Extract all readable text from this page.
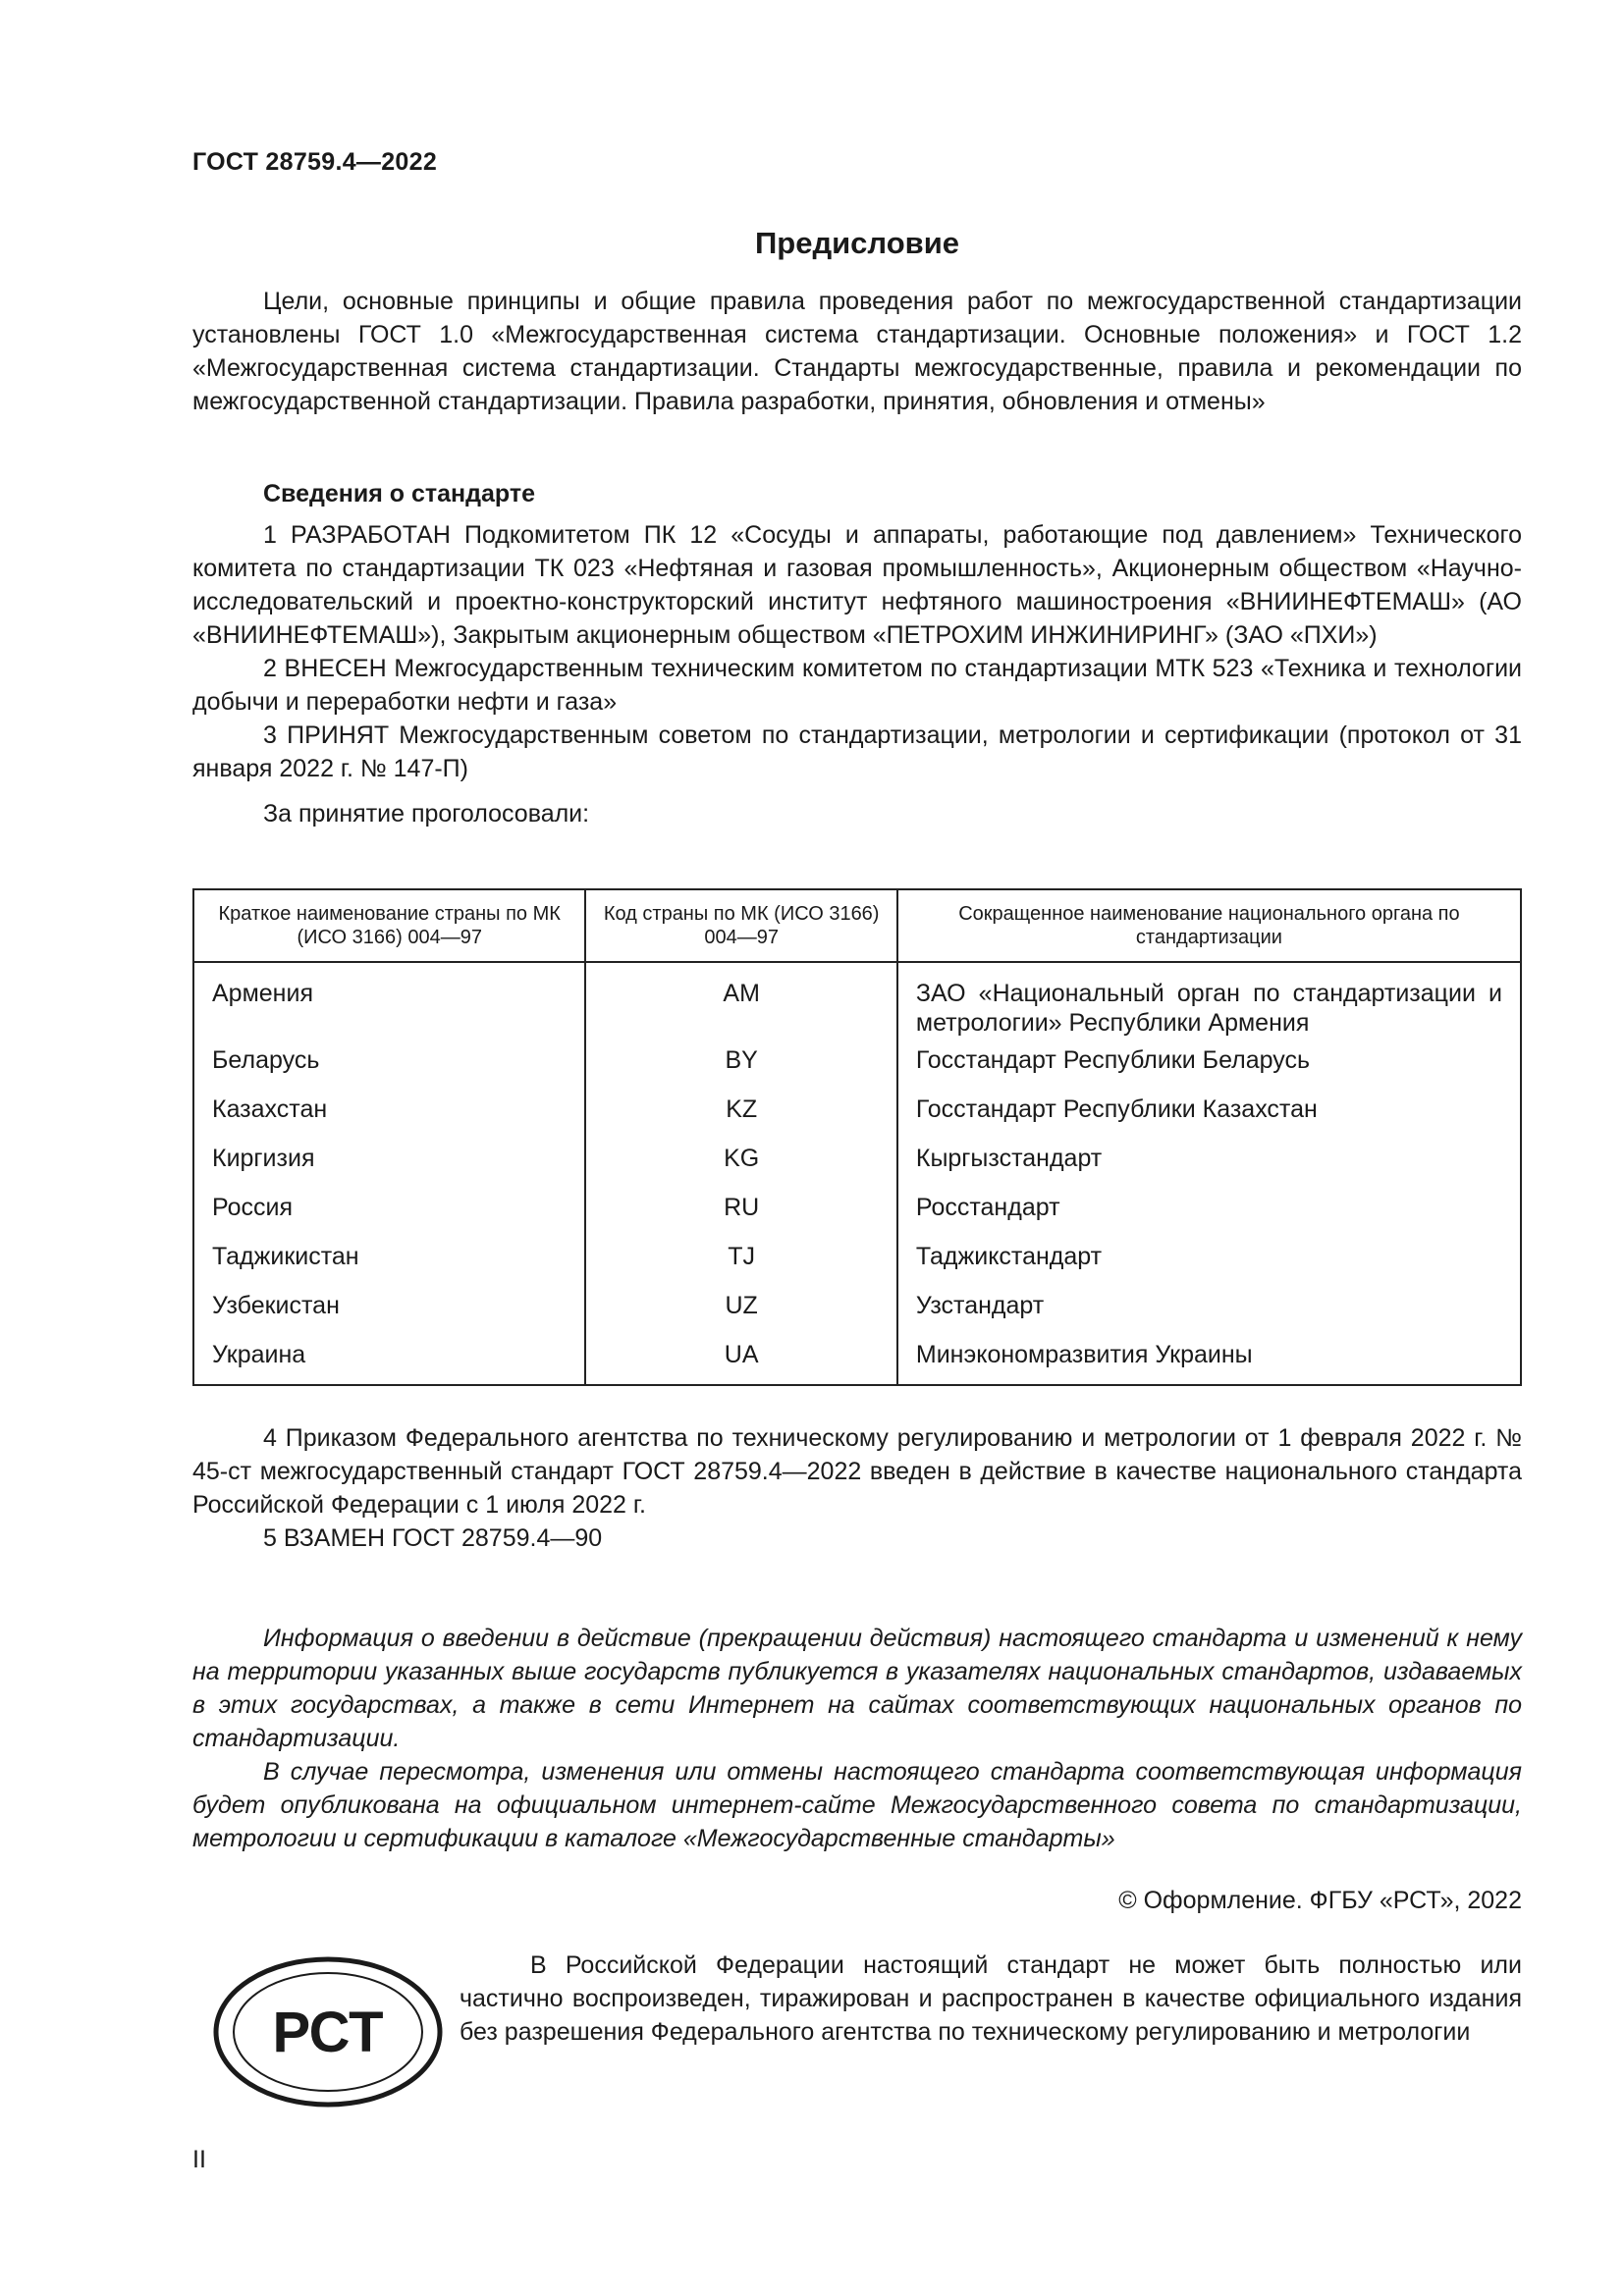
ГОСТ 28759.4—2022
Предисловие

Цели, основные принципы и общие правила проведения работ по межгосударственной стандартизации установлены ГОСТ 1.0 «Межгосударственная система стандартизации. Основные положения» и ГОСТ 1.2 «Межгосударственная система стандартизации. Стандарты межгосударственные, правила и рекомендации по межгосударственной стандартизации. Правила разработки, принятия, обновления и отмены»

Сведения о стандарте

1 РАЗРАБОТАН Подкомитетом ПК 12 «Сосуды и аппараты, работающие под давлением» Технического комитета по стандартизации ТК 023 «Нефтяная и газовая промышленность», Акционерным обществом «Научно-исследовательский и проектно-конструкторский институт нефтяного машиностроения «ВНИИНЕФТЕМАШ» (АО «ВНИИНЕФТЕМАШ»), Закрытым акционерным обществом «ПЕТРОХИМ ИНЖИНИРИНГ» (ЗАО «ПХИ»)

2 ВНЕСЕН Межгосударственным техническим комитетом по стандартизации МТК 523 «Техника и технологии добычи и переработки нефти и газа»

3 ПРИНЯТ Межгосударственным советом по стандартизации, метрологии и сертификации (протокол от 31 января 2022 г. № 147-П)

За принятие проголосовали:

Краткое наименование страны по МК (ИСО 3166) 004—97	Код страны по МК (ИСО 3166) 004—97	Сокращенное наименование национального органа по стандартизации
Армения	AM	ЗАО «Национальный орган по стандартизации и метрологии» Республики Армения
Беларусь	BY	Госстандарт Республики Беларусь
Казахстан	KZ	Госстандарт Республики Казахстан
Киргизия	KG	Кыргызстандарт
Россия	RU	Росстандарт
Таджикистан	TJ	Таджикстандарт
Узбекистан	UZ	Узстандарт
Украина	UA	Минэкономразвития Украины

4 Приказом Федерального агентства по техническому регулированию и метрологии от 1 февраля 2022 г. № 45-ст межгосударственный стандарт ГОСТ 28759.4—2022 введен в действие в качестве национального стандарта Российской Федерации с 1 июля 2022 г.

5 ВЗАМЕН ГОСТ 28759.4—90

Информация о введении в действие (прекращении действия) настоящего стандарта и изменений к нему на территории указанных выше государств публикуется в указателях национальных стандартов, издаваемых в этих государствах, а также в сети Интернет на сайтах соответствующих национальных органов по стандартизации.

В случае пересмотра, изменения или отмены настоящего стандарта соответствующая информация будет опубликована на официальном интернет-сайте Межгосударственного совета по стандартизации, метрологии и сертификации в каталоге «Межгосударственные стандарты»

© Оформление. ФГБУ «РСТ», 2022
РСТ

В Российской Федерации настоящий стандарт не может быть полностью или частично воспроизведен, тиражирован и распространен в качестве официального издания без разрешения Федерального агентства по техническому регулированию и метрологии

II
